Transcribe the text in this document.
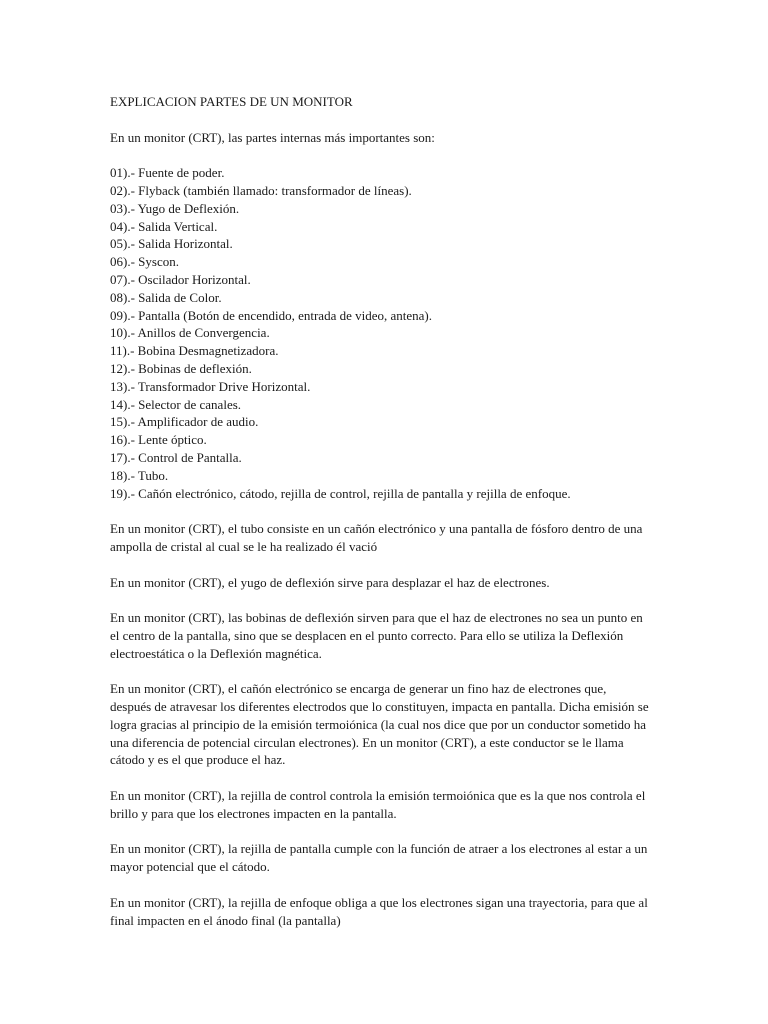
EXPLICACION PARTES DE UN MONITOR

En un monitor (CRT), las partes internas más importantes son:

01).- Fuente de poder.
02).- Flyback (también llamado: transformador de líneas).
03).- Yugo de Deflexión.
04).- Salida Vertical.
05).- Salida Horizontal.
06).- Syscon.
07).- Oscilador Horizontal.
08).- Salida de Color.
09).- Pantalla (Botón de encendido, entrada de video, antena).
10).- Anillos de Convergencia.
11).- Bobina Desmagnetizadora.
12).- Bobinas de deflexión.
13).- Transformador Drive Horizontal.
14).- Selector de canales.
15).- Amplificador de audio.
16).- Lente óptico.
17).- Control de Pantalla.
18).- Tubo.
19).- Cañón electrónico, cátodo, rejilla de control, rejilla de pantalla y rejilla de enfoque.

En un monitor (CRT), el tubo consiste en un cañón electrónico y una pantalla de fósforo dentro de una ampolla de cristal al cual se le ha realizado él vació

En un monitor (CRT), el yugo de deflexión sirve para desplazar el haz de electrones.

En un monitor (CRT), las bobinas de deflexión sirven para que el haz de electrones no sea un punto en el centro de la pantalla, sino que se desplacen en el punto correcto. Para ello se utiliza la Deflexión electroestática o la Deflexión magnética.

En un monitor (CRT), el cañón electrónico se encarga de generar un fino haz de electrones que, después de atravesar los diferentes electrodos que lo constituyen, impacta en pantalla. Dicha emisión se logra gracias al principio de la emisión termoiónica (la cual nos dice que por un conductor sometido ha una diferencia de potencial circulan electrones). En un monitor (CRT), a este conductor se le llama cátodo y es el que produce el haz.

En un monitor (CRT), la rejilla de control controla la emisión termoiónica que es la que nos controla el brillo y para que los electrones impacten en la pantalla.

En un monitor (CRT), la rejilla de pantalla cumple con la función de atraer a los electrones al estar a un mayor potencial que el cátodo.

En un monitor (CRT), la rejilla de enfoque obliga a que los electrones sigan una trayectoria, para que al final impacten en el ánodo final (la pantalla)
